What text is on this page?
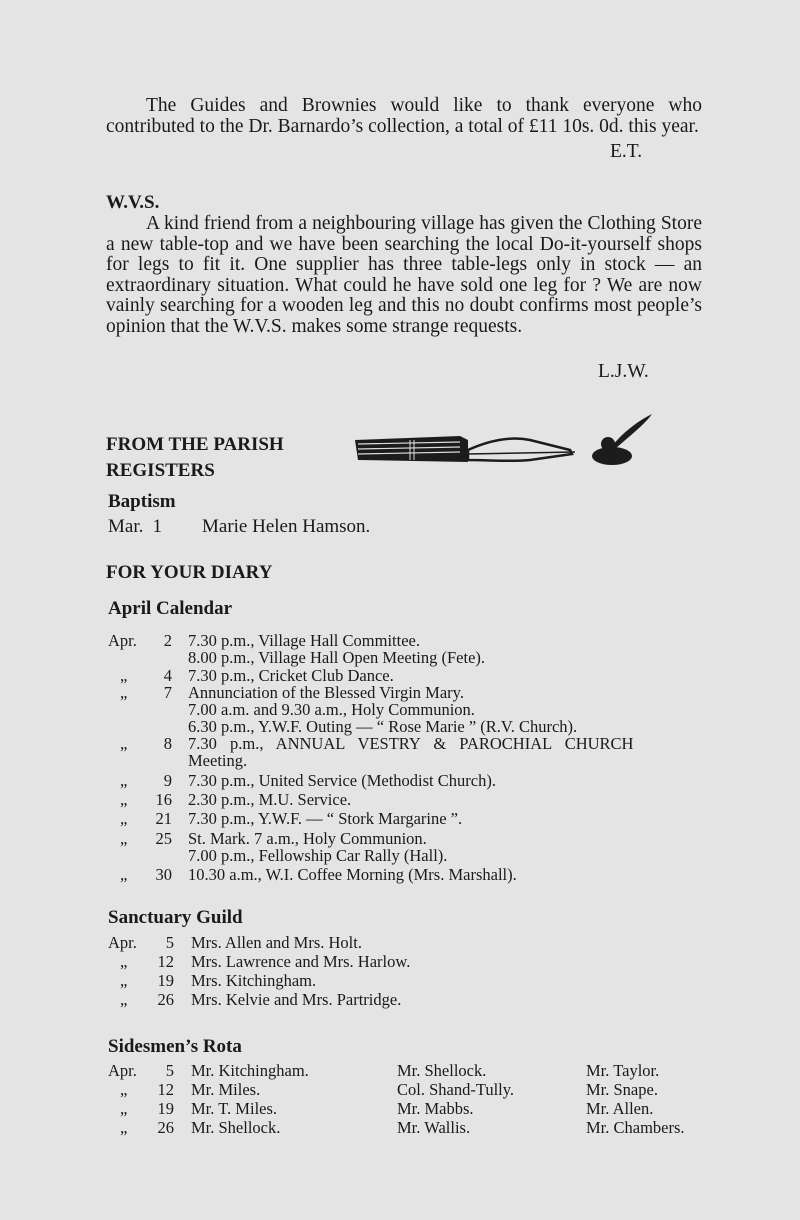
The Guides and Brownies would like to thank everyone who contributed to the Dr. Barnardo’s collection, a total of £11 10s. 0d. this year.

E.T.
W.V.S.

A kind friend from a neighbouring village has given the Clothing Store a new table-top and we have been searching the local Do-it-yourself shops for legs to fit it. One supplier has three table-legs only in stock — an extraordinary situation. What could he have sold one leg for ? We are now vainly searching for a wooden leg and this no doubt confirms most people’s opinion that the W.V.S. makes some strange requests.

L.J.W.
FROM THE PARISH
REGISTERS
Baptism
Mar. 1 Marie Helen Hamson.
FOR YOUR DIARY
April Calendar
Apr.	2 7.30 p.m., Village Hall Committee.
8.00 p.m., Village Hall Open Meeting (Fete).
„	4 7.30 p.m., Cricket Club Dance.
„	7 Annunciation of the Blessed Virgin Mary.
7.00 a.m. and 9.30 a.m., Holy Communion.
6.30 p.m., Y.W.F. Outing — “ Rose Marie ” (R.V. Church).
„	8 7.30 p.m., ANNUAL VESTRY & PAROCHIAL CHURCH
Meeting.
„	9 7.30 p.m., United Service (Methodist Church).
„	16 2.30 p.m., M.U. Service.
„	21 7.30 p.m., Y.W.F. — “ Stork Margarine ”.
„	25 St. Mark. 7 a.m., Holy Communion.
7.00 p.m., Fellowship Car Rally (Hall).
„	30 10.30 a.m., W.I. Coffee Morning (Mrs. Marshall).
Sanctuary Guild
Apr.	5 Mrs. Allen and Mrs. Holt.
„	12 Mrs. Lawrence and Mrs. Harlow.
„	19 Mrs. Kitchingham.
„	26 Mrs. Kelvie and Mrs. Partridge.
Sidesmen’s Rota
Apr.	5 Mr. Kitchingham.	Mr. Shellock.	Mr. Taylor.
„	12 Mr. Miles.	Col. Shand-Tully.	Mr. Snape.
„	19 Mr. T. Miles.	Mr. Mabbs.	Mr. Allen.
„	26 Mr. Shellock.	Mr. Wallis.	Mr. Chambers.
